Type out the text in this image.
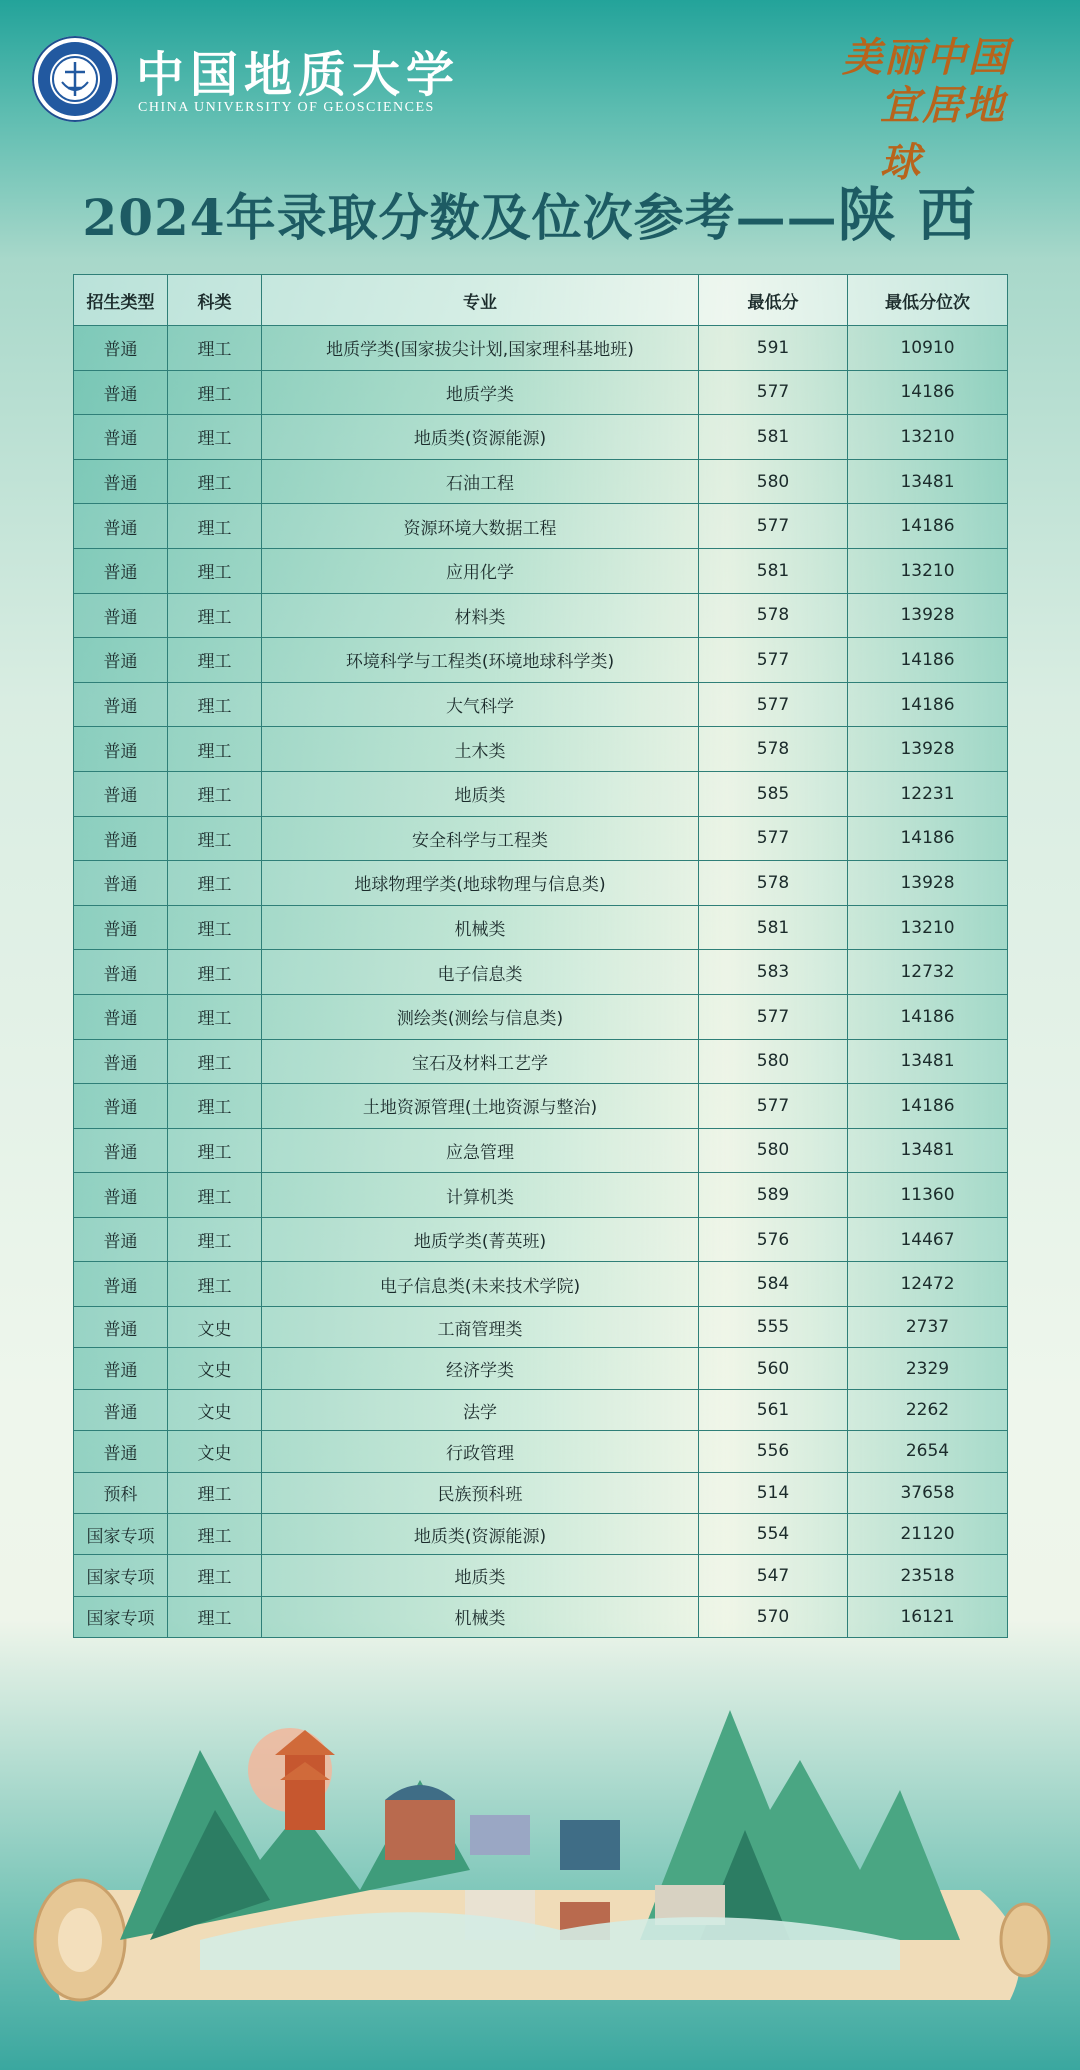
中国地质大学
CHINA UNIVERSITY OF GEOSCIENCES
美丽中国
宜居地球
2024年录取分数及位次参考——陕西
招生类型	科类	专业	最低分	最低分位次
普通	理工	地质学类(国家拔尖计划,国家理科基地班)	591	10910
普通	理工	地质学类	577	14186
普通	理工	地质类(资源能源)	581	13210
普通	理工	石油工程	580	13481
普通	理工	资源环境大数据工程	577	14186
普通	理工	应用化学	581	13210
普通	理工	材料类	578	13928
普通	理工	环境科学与工程类(环境地球科学类)	577	14186
普通	理工	大气科学	577	14186
普通	理工	土木类	578	13928
普通	理工	地质类	585	12231
普通	理工	安全科学与工程类	577	14186
普通	理工	地球物理学类(地球物理与信息类)	578	13928
普通	理工	机械类	581	13210
普通	理工	电子信息类	583	12732
普通	理工	测绘类(测绘与信息类)	577	14186
普通	理工	宝石及材料工艺学	580	13481
普通	理工	土地资源管理(土地资源与整治)	577	14186
普通	理工	应急管理	580	13481
普通	理工	计算机类	589	11360
普通	理工	地质学类(菁英班)	576	14467
普通	理工	电子信息类(未来技术学院)	584	12472
普通	文史	工商管理类	555	2737
普通	文史	经济学类	560	2329
普通	文史	法学	561	2262
普通	文史	行政管理	556	2654
预科	理工	民族预科班	514	37658
国家专项	理工	地质类(资源能源)	554	21120
国家专项	理工	地质类	547	23518
国家专项	理工	机械类	570	16121
